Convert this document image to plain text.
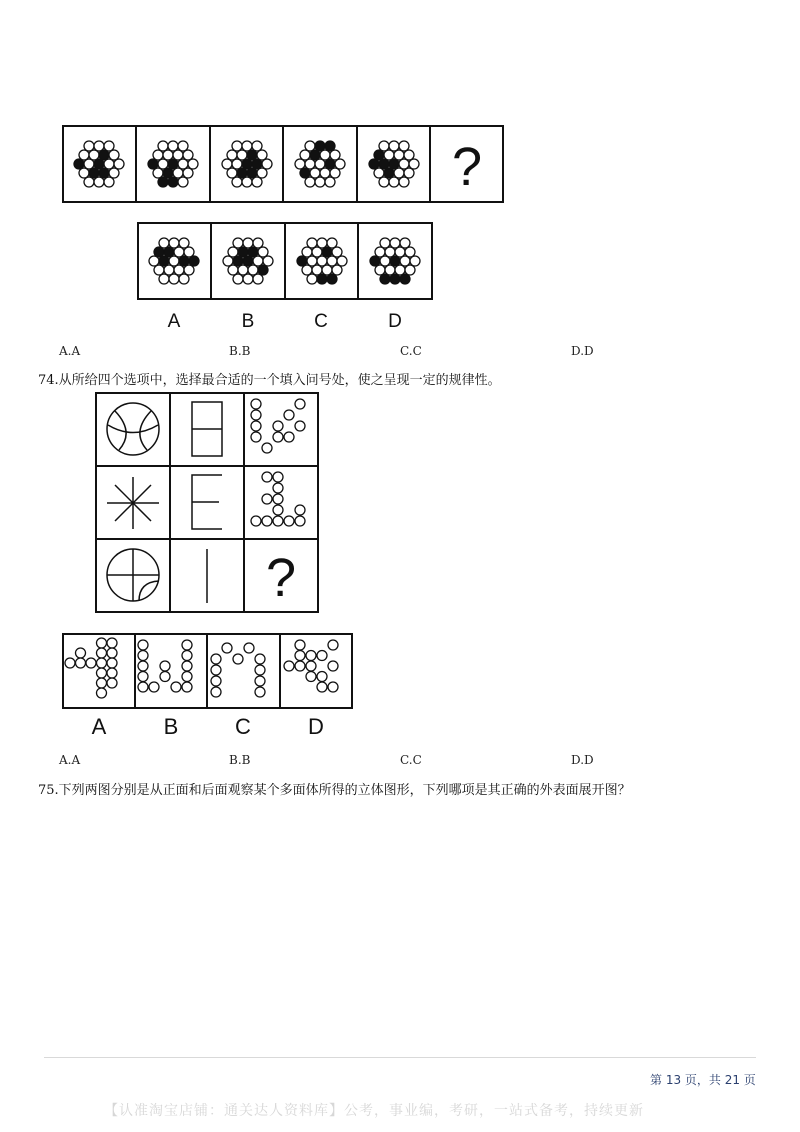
?
A	B	C	D
A.A	B.B	C.C	D.D
74.从所给四个选项中，选择最合适的一个填入问号处，使之呈现一定的规律性。
?
A	B	C	D
A.A	B.B	C.C	D.D
75.下列两图分别是从正面和后面观察某个多面体所得的立体图形，下列哪项是其正确的外表面展开图？
第 13 页，共 21 页
【认准淘宝店铺：通关达人资料库】公考，事业编，考研，一站式备考，持续更新
